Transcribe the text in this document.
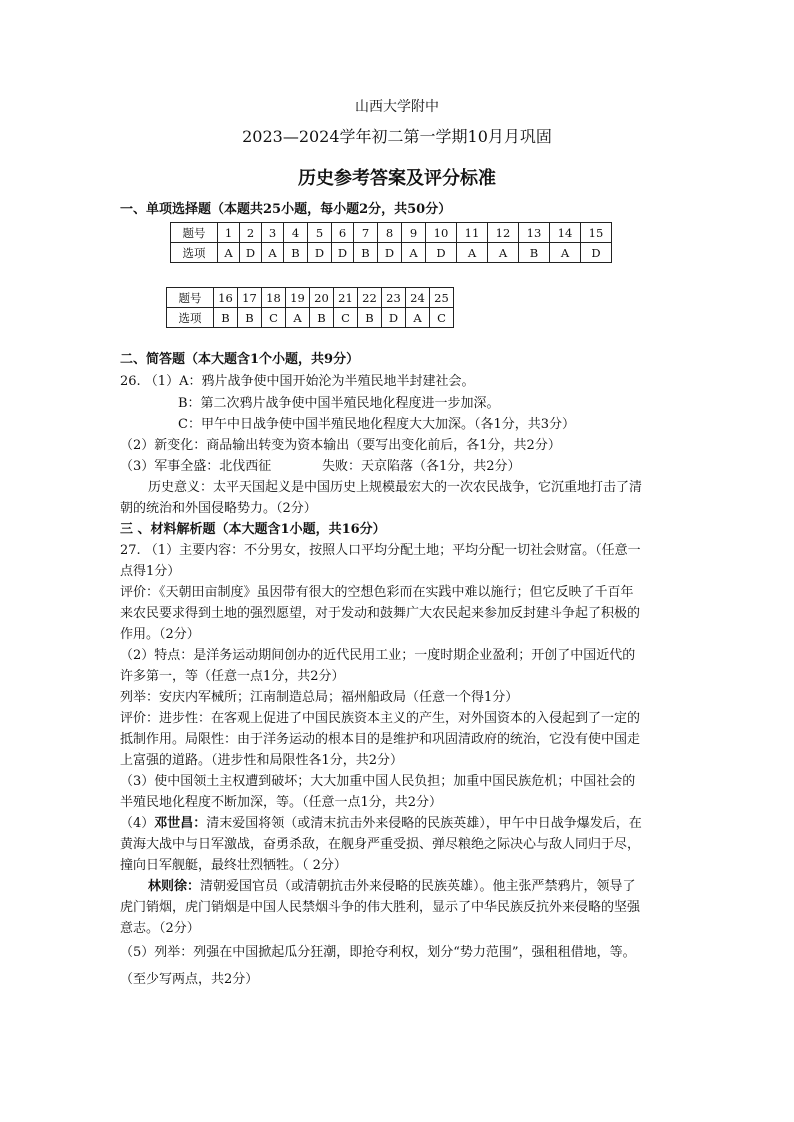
山西大学附中
2023—2024学年初二第一学期10月月巩固
历史参考答案及评分标准
一、单项选择题（本题共25小题，每小题2分，共50分）
题号	1	2	3	4	5	6	7	8	9	10	11	12	13	14	15
选项	A	D	A	B	D	D	B	D	A	D	A	A	B	A	D
题号	16	17	18	19	20	21	22	23	24	25
选项	B	B	C	A	B	C	B	D	A	C
二、简答题（本大题含1个小题，共9分）
26. （1）A：鸦片战争使中国开始沦为半殖民地半封建社会。
B：第二次鸦片战争使中国半殖民地化程度进一步加深。
C：甲午中日战争使中国半殖民地化程度大大加深。（各1分，共3分）
（2）新变化：商品输出转变为资本输出（要写出变化前后，各1分，共2分）
（3）军事全盛：北伐西征	失败：天京陷落（各1分，共2分）
历史意义：太平天国起义是中国历史上规模最宏大的一次农民战争，它沉重地打击了清
朝的统治和外国侵略势力。（2分）
三 、材料解析题（本大题含1小题，共16分）
27. （1）主要内容：不分男女，按照人口平均分配土地；平均分配一切社会财富。（任意一
点得1分）
评价：《天朝田亩制度》虽因带有很大的空想色彩而在实践中难以施行；但它反映了千百年
来农民要求得到土地的强烈愿望，对于发动和鼓舞广大农民起来参加反封建斗争起了积极的
作用。（2分）
（2）特点：是洋务运动期间创办的近代民用工业；一度时期企业盈利；开创了中国近代的
许多第一，等（任意一点1分，共2分）
列举：安庆内军械所；江南制造总局；福州船政局（任意一个得1分）
评价：进步性：在客观上促进了中国民族资本主义的产生，对外国资本的入侵起到了一定的
抵制作用。局限性：由于洋务运动的根本目的是维护和巩固清政府的统治，它没有使中国走
上富强的道路。（进步性和局限性各1分，共2分）
（3）使中国领土主权遭到破坏；大大加重中国人民负担；加重中国民族危机；中国社会的
半殖民地化程度不断加深，等。（任意一点1分，共2分）
（4）邓世昌：清末爱国将领（或清末抗击外来侵略的民族英雄），甲午中日战争爆发后，在
黄海大战中与日军激战，奋勇杀敌，在舰身严重受损、弹尽粮绝之际决心与敌人同归于尽，
撞向日军舰艇，最终壮烈牺牲。（ 2分）
林则徐：清朝爱国官员（或清朝抗击外来侵略的民族英雄）。他主张严禁鸦片，领导了
虎门销烟，虎门销烟是中国人民禁烟斗争的伟大胜利，显示了中华民族反抗外来侵略的坚强
意志。（2分）
（5）列举：列强在中国掀起瓜分狂潮，即抢夺利权，划分“势力范围”，强租租借地，等。
（至少写两点，共2分）
